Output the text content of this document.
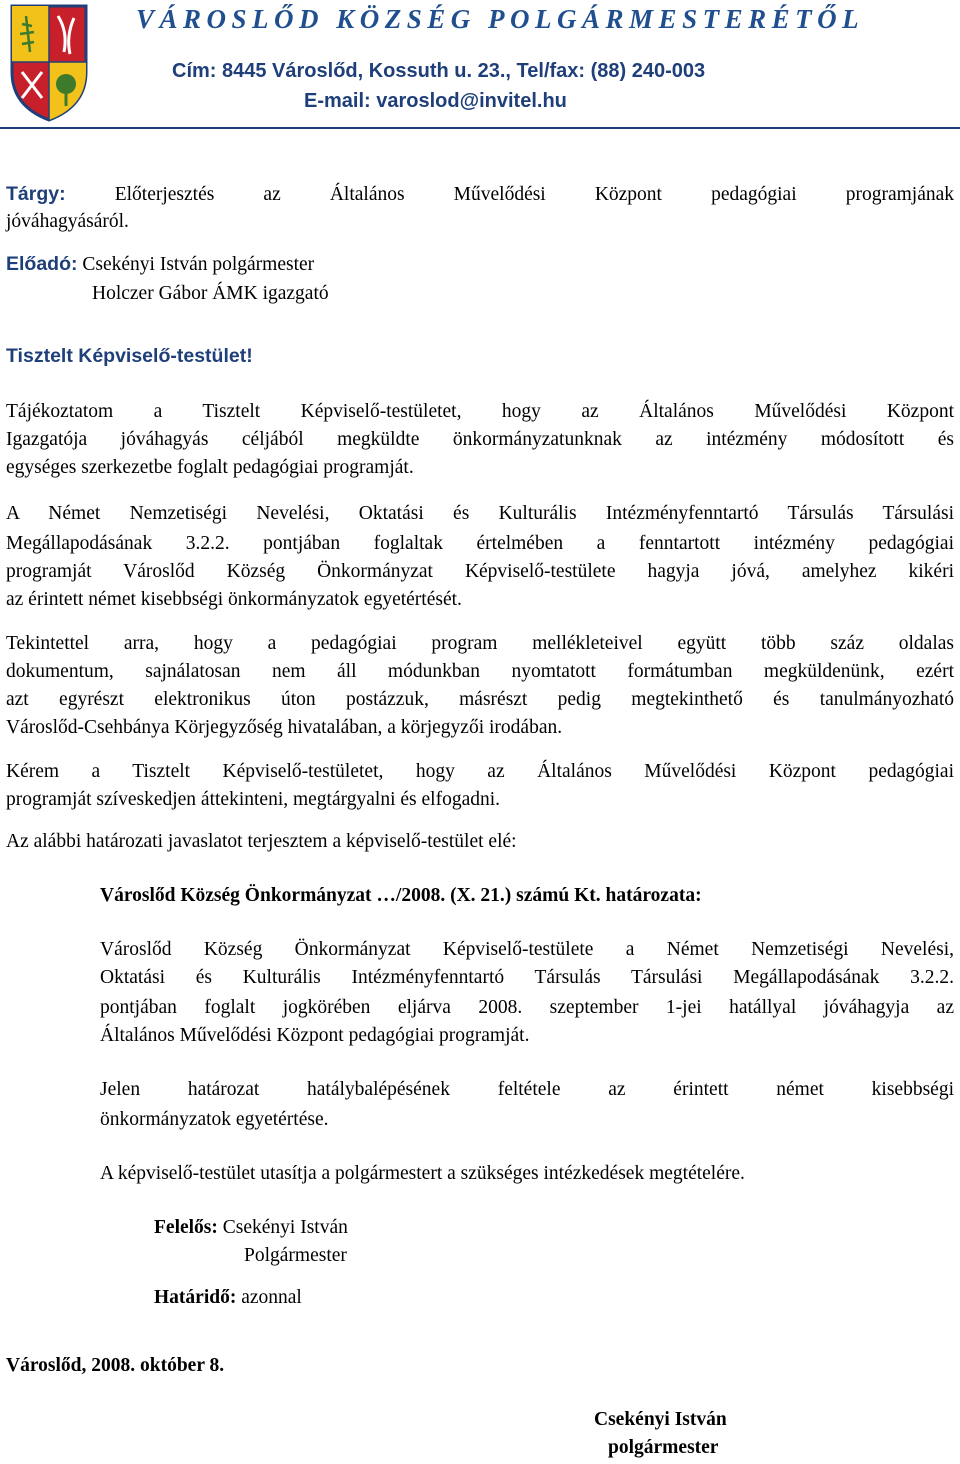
VÁROSLŐD KÖZSÉG POLGÁRMESTERÉTŐL
Cím: 8445 Városlőd, Kossuth u. 23., Tel/fax: (88) 240-003
E-mail: varoslod@invitel.hu
Tárgy:	Előterjesztés az Általános Művelődési Központ pedagógiai programjának
jóváhagyásáról.
Előadó: Csekényi István polgármester
Holczer Gábor ÁMK igazgató
Tisztelt Képviselő-testület!
Tájékoztatom a Tisztelt Képviselő-testületet, hogy az Általános Művelődési Központ
Igazgatója jóváhagyás céljából megküldte önkormányzatunknak az intézmény módosított és
egységes szerkezetbe foglalt pedagógiai programját.
A Német Nemzetiségi Nevelési, Oktatási és Kulturális Intézményfenntartó Társulás Társulási
Megállapodásának 3.2.2. pontjában foglaltak értelmében a fenntartott intézmény pedagógiai
programját Városlőd Község Önkormányzat Képviselő-testülete hagyja jóvá, amelyhez kikéri
az érintett német kisebbségi önkormányzatok egyetértését.
Tekintettel arra, hogy a pedagógiai program mellékleteivel együtt több száz oldalas
dokumentum, sajnálatosan nem áll módunkban nyomtatott formátumban megküldenünk, ezért
azt egyrészt elektronikus úton postázzuk, másrészt pedig megtekinthető és tanulmányozható
Városlőd-Csehbánya Körjegyzőség hivatalában, a körjegyzői irodában.
Kérem a Tisztelt Képviselő-testületet, hogy az Általános Művelődési Központ pedagógiai
programját szíveskedjen áttekinteni, megtárgyalni és elfogadni.
Az alábbi határozati javaslatot terjesztem a képviselő-testület elé:
Városlőd Község Önkormányzat …/2008. (X. 21.) számú Kt. határozata:
Városlőd Község Önkormányzat Képviselő-testülete a Német Nemzetiségi Nevelési,
Oktatási és Kulturális Intézményfenntartó Társulás Társulási Megállapodásának 3.2.2.
pontjában foglalt jogkörében eljárva 2008. szeptember 1-jei hatállyal jóváhagyja az
Általános Művelődési Központ pedagógiai programját.
Jelen határozat hatálybalépésének feltétele az érintett német kisebbségi
önkormányzatok egyetértése.
A képviselő-testület utasítja a polgármestert a szükséges intézkedések megtételére.
Felelős: Csekényi István
Polgármester
Határidő: azonnal
Városlőd, 2008. október 8.
Csekényi István
polgármester
